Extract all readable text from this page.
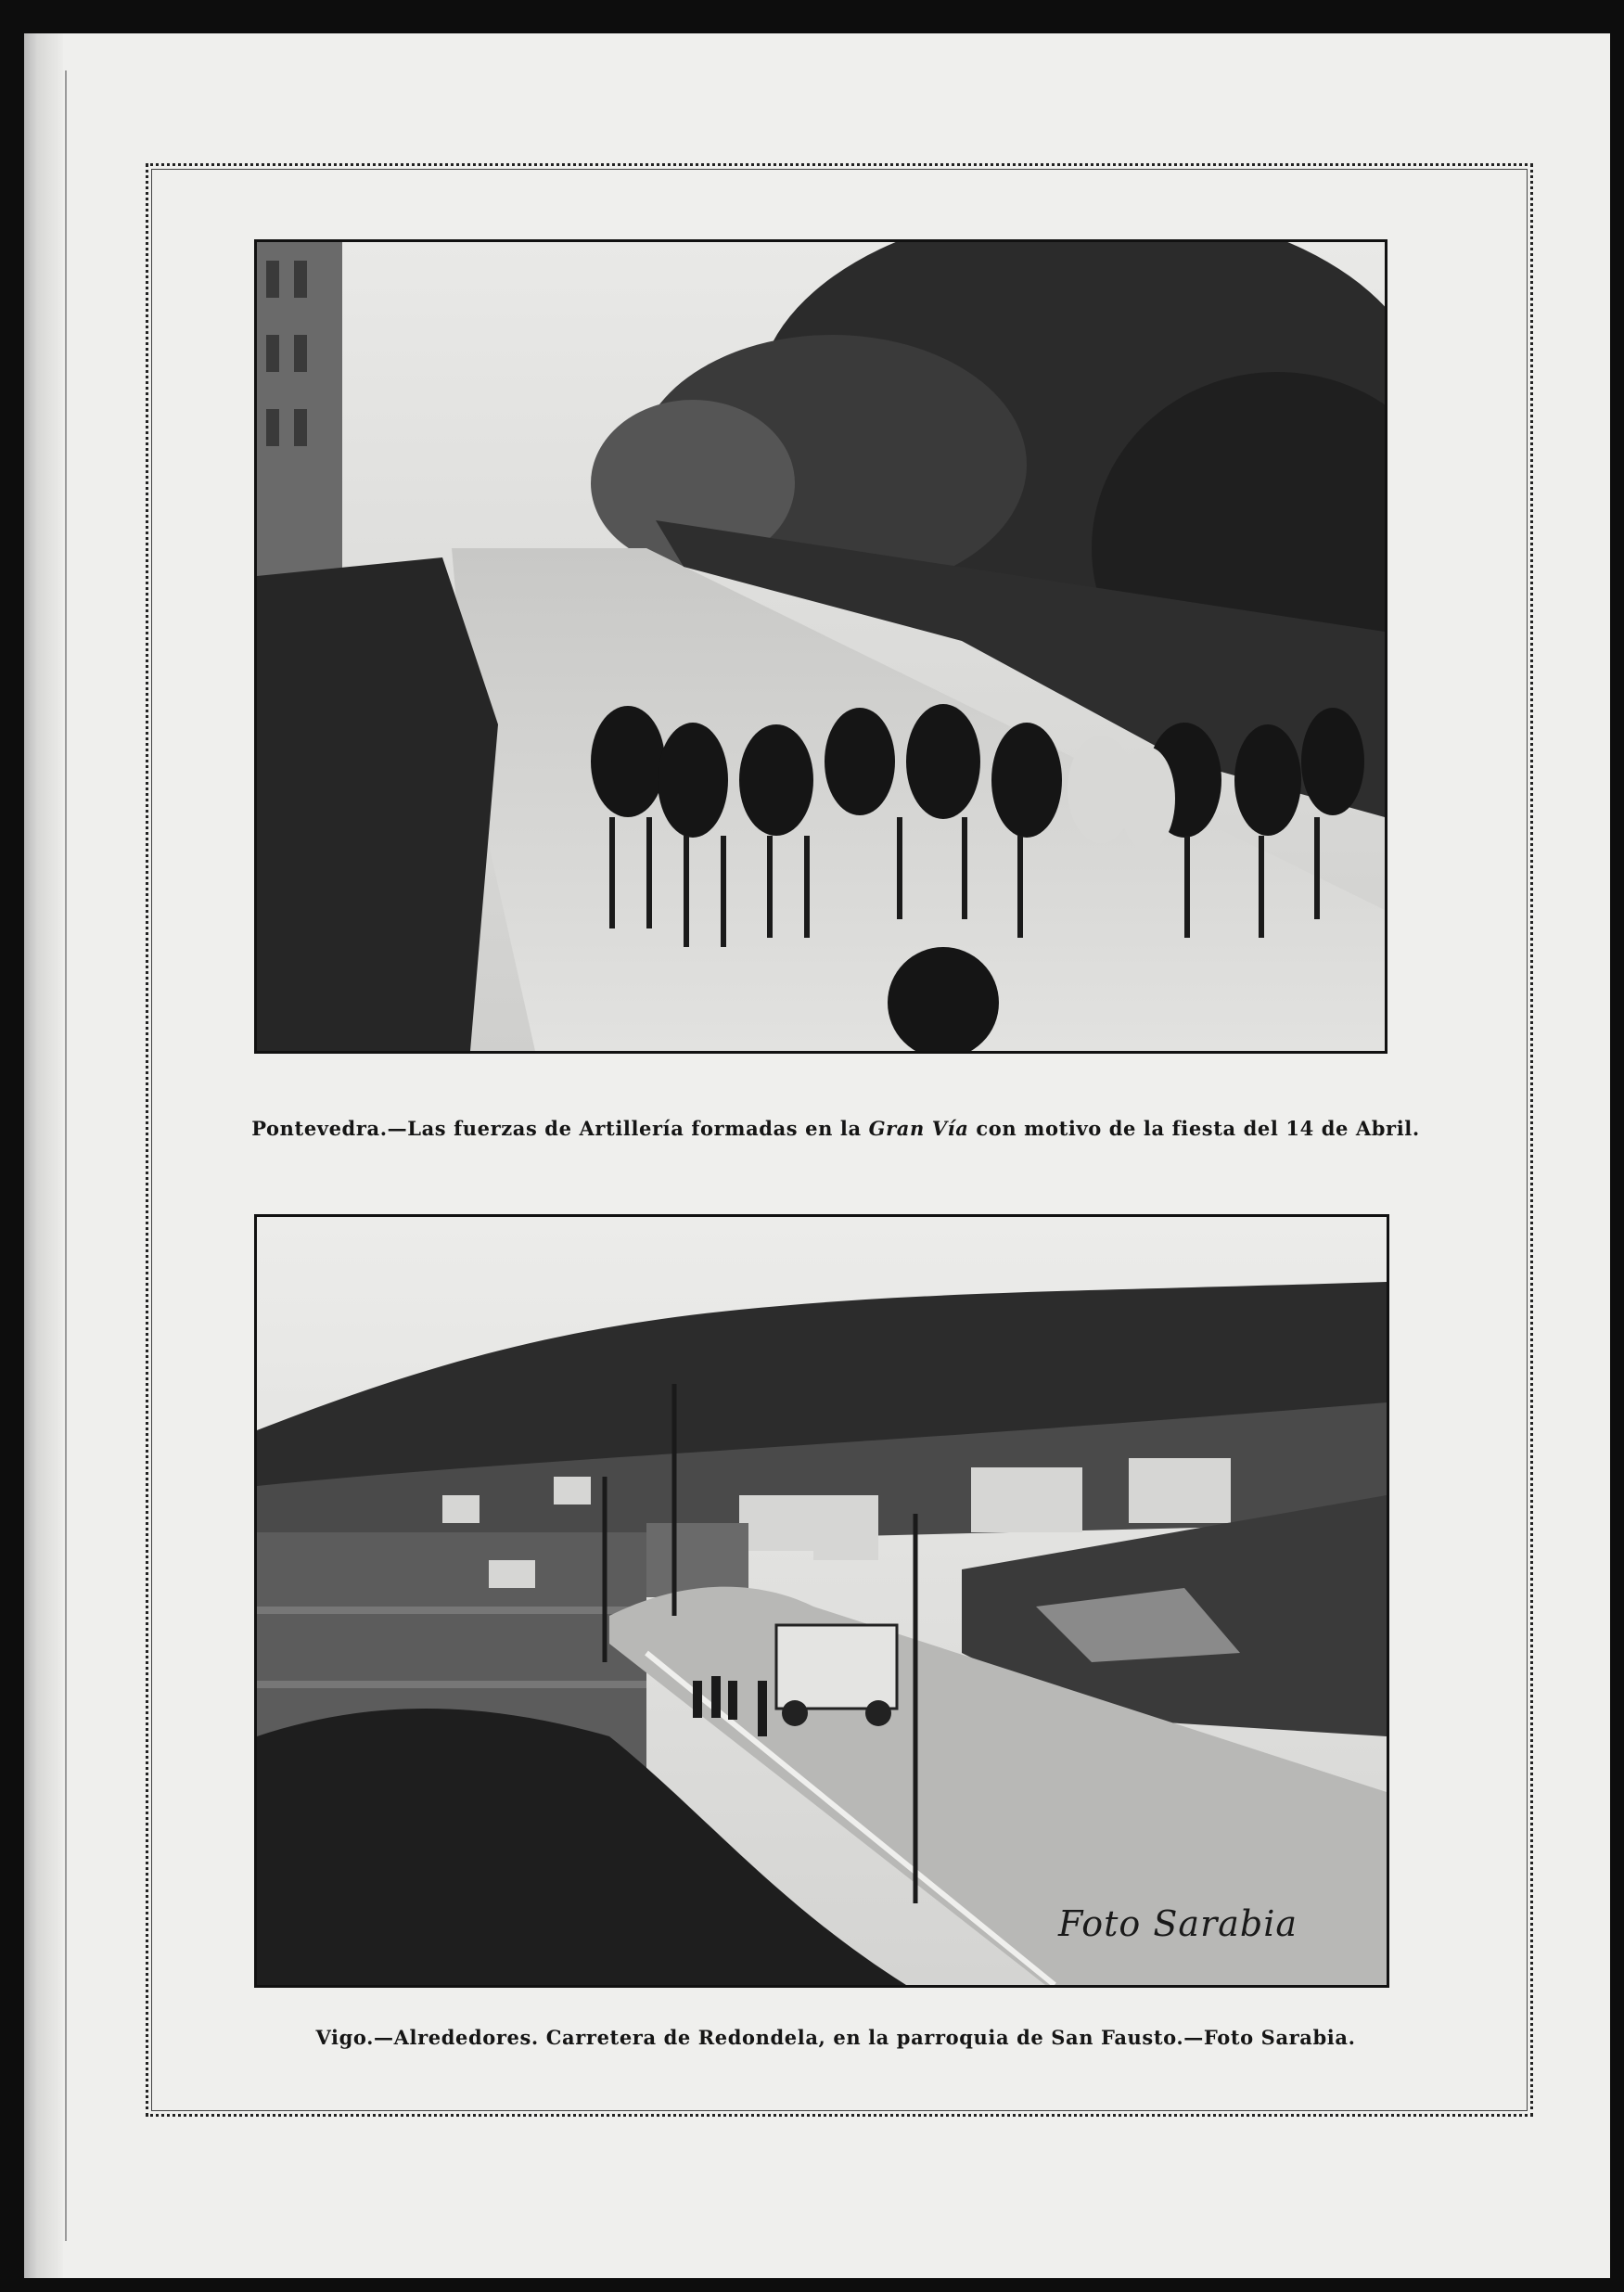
Pontevedra.—Las fuerzas de Artillería formadas en la Gran Vía con motivo de la fiesta del 14 de Abril.
Foto Sarabia
Vigo.—Alrededores. Carretera de Redondela, en la parroquia de San Fausto.—Foto Sarabia.
